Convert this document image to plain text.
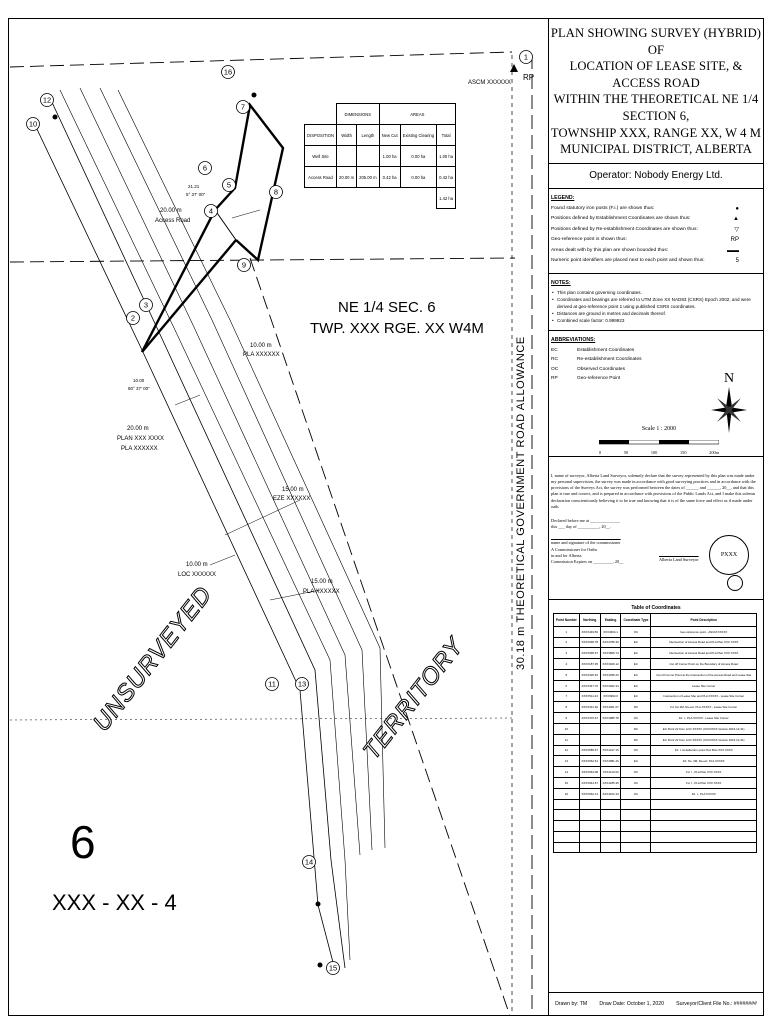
1
2
3
4
5
6
7
8
9
10
11
12
13
14
15
16
NE 1/4 SEC. 6
TWP. XXX RGE. XX W4M
ASCM XXXXXX
RP
20.00 m
Access Road
21.21
5° 37' 00"
10.00 m
PLA XXXXXX
10.00
80° 37' 00"
20.00 m
PLAN XXX XXXX
PLA XXXXXX
15.00 m
EZE XXXXXX
10.00 m
LOC XXXXXX
15.00 m
PLA XXXXXX
UNSURVEYED	TERRITORY
6
XXX - XX - 4
30.18 m THEORETICAL GOVERNMENT ROAD ALLOWANCE
	DIMENSIONS		AREAS		
DISPOSITION	Width	Length	New Cut	Existing Clearing	Total
Well Site			1.00 ha	0.00 ha	1.00 ha
Access Road	20.00 m	205.00 m	0.42 ha	0.00 ha	0.42 ha
					1.42 ha
PLAN SHOWING SURVEY (HYBRID) OF
LOCATION OF LEASE SITE, & ACCESS ROAD
WITHIN THE THEORETICAL NE 1/4 SECTION 6,
TOWNSHIP XXX, RANGE XX, W 4 M
MUNICIPAL DISTRICT, ALBERTA
Operator: Nobody Energy Ltd.
LEGEND:
Found statutory iron posts (F.i.) are shown thus:	●
Positions defined by Establishment Coordinates are shown thus:	▲
Positions defined by Re-establishment Coordinates are shown thus:	▽
Geo-reference point is shown thus:	RP
Areas dealt with by this plan are shown bounded thus:	▬▬
Numeric point identifiers are placed next to each point and shown thus:	5
NOTES:
• This plan contains governing coordinates.
• Coordinates and bearings are referred to UTM Zone XX NAD83 (CSRS) Epoch 2002, and were derived at geo-reference point 1 using published CSRS coordinates.
• Distances are ground in metres and decimals thereof.
• Combined scale factor: 0.999923
ABBREVIATIONS:
EC	Establishment Coordinates
RC	Re-establishment Coordinates
OC	Observed Coordinates
RP	Geo-reference Point	N
Scale 1 : 2000
0	50	100	150	200m
I, name of surveyor, Alberta Land Surveyor, solemnly declare that the survey represented by this plan was made under my personal supervision, the survey was made in accordance with good surveying practices and in accordance with the provisions of the Surveys Act, the survey was performed between the dates of ______ and ______, 20__, and that this plan is true and correct, and is prepared in accordance with provisions of the Public Lands Act, and I make this solemn declaration conscientiously believing it to be true and knowing that it is of the same force and effect as if made under oath.
Declared before me at ______________
this ___ day of __________, 20__.
name and signature of the commissioner
A Commissioner for Oaths
in and for Alberta
Commission Expires on _________, 20__	Alberta Land Surveyor
PXXX
Table of Coordinates
Point Number	Northing	Easting	Coordinate Type	Point Description
1	XXXX449.50	XXX4664.1	OC	Geo-reference point - ASCM XXXXX
2	XXXX096.78	XXX3786.30	EC	Intersection of Access Road and PLA Plan XXX XXXX
3	XXXX095.67	XXX3806.74	EC	Intersection of Access Road and PLA Plan XXX XXXX
4	XXXX187.35	XXX3916.12	EC	Cut off Corner Point on the Boundary of Access Road
5	XXXX326.46	XXX3935.23	EC	Cut off Corner Point at the Intersection of the Access Road and Lease Site
6	XXXX347.76	XXX3922.34	EC	Lease Site Corner
7	XXXX511.23	XXX3993.0	EC	Intersection of Lease Site and PLA XXXXX - Lease Site Corner
8	XXXX331.92	XXX4061.67	RC	Fd. No.3M, Re-est. PLA XXXXX - Lease Site Corner
9	XXXX470.67	XXX3985.78	OC	Fd. I., PLA XXXXX - Lease Site Corner
10			RC	EC Point 22 from LOC XXXXX (UXXXXXX Version 2016-12-31)
11			RC	EC Point 22 from LOC XXXXX (UXXXXXX Version 2016-12-31)
12	XXXX685.67	XXX4217.15	OC	Fd. I. at deflection point PLA Plan XXX XXXX
13	XXXX062.61	XXX3981.26	EC	Fd. No. 3M, Re-est. PLA XXXXX
14	XXXX964.08	XXX4110.93	OC	Fd. I., PLA Plan XXX XXXX
15	XXXX944.67	XXX4185.35	OC	Fd. I., PLA Plan XXX XXXX
16	XXXX662.14	XXX4102.43	OC	Fd. I., PLA XXXXX

Drawn by: TM Draw Date: October 1, 2020 Surveyor/Client File No.: ########
